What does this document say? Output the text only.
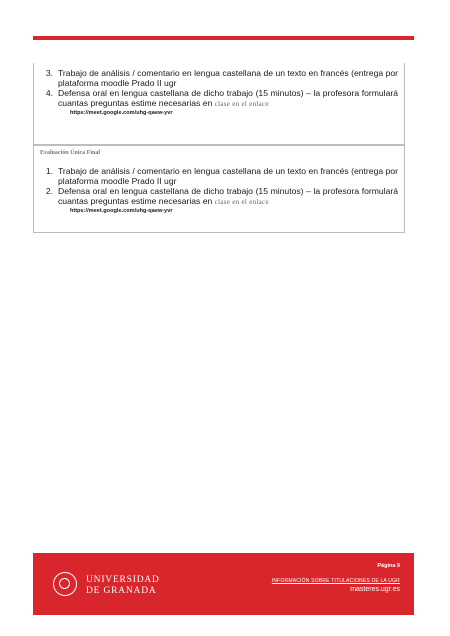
3. Trabajo de análisis / comentario en lengua castellana de un texto en francés (entrega por plataforma moodle Prado II ugr
4. Defensa oral en lengua castellana de dicho trabajo (15 minutos) – la profesora formulará cuantas preguntas estime necesarias en clase en el enlace
https://meet.google.com/uhg-qaew-yvr
Evaluación Única Final
1. Trabajo de análisis / comentario en lengua castellana de un texto en francés (entrega por plataforma moodle Prado II ugr
2. Defensa oral en lengua castellana de dicho trabajo (15 minutos) – la profesora formulará cuantas preguntas estime necesarias en clase en el enlace
https://meet.google.com/uhg-qaew-yvr
UNIVERSIDAD
DE GRANADA
Página 9
INFORMACIÓN SOBRE TITULACIONES DE LA UGR
masteres.ugr.es
